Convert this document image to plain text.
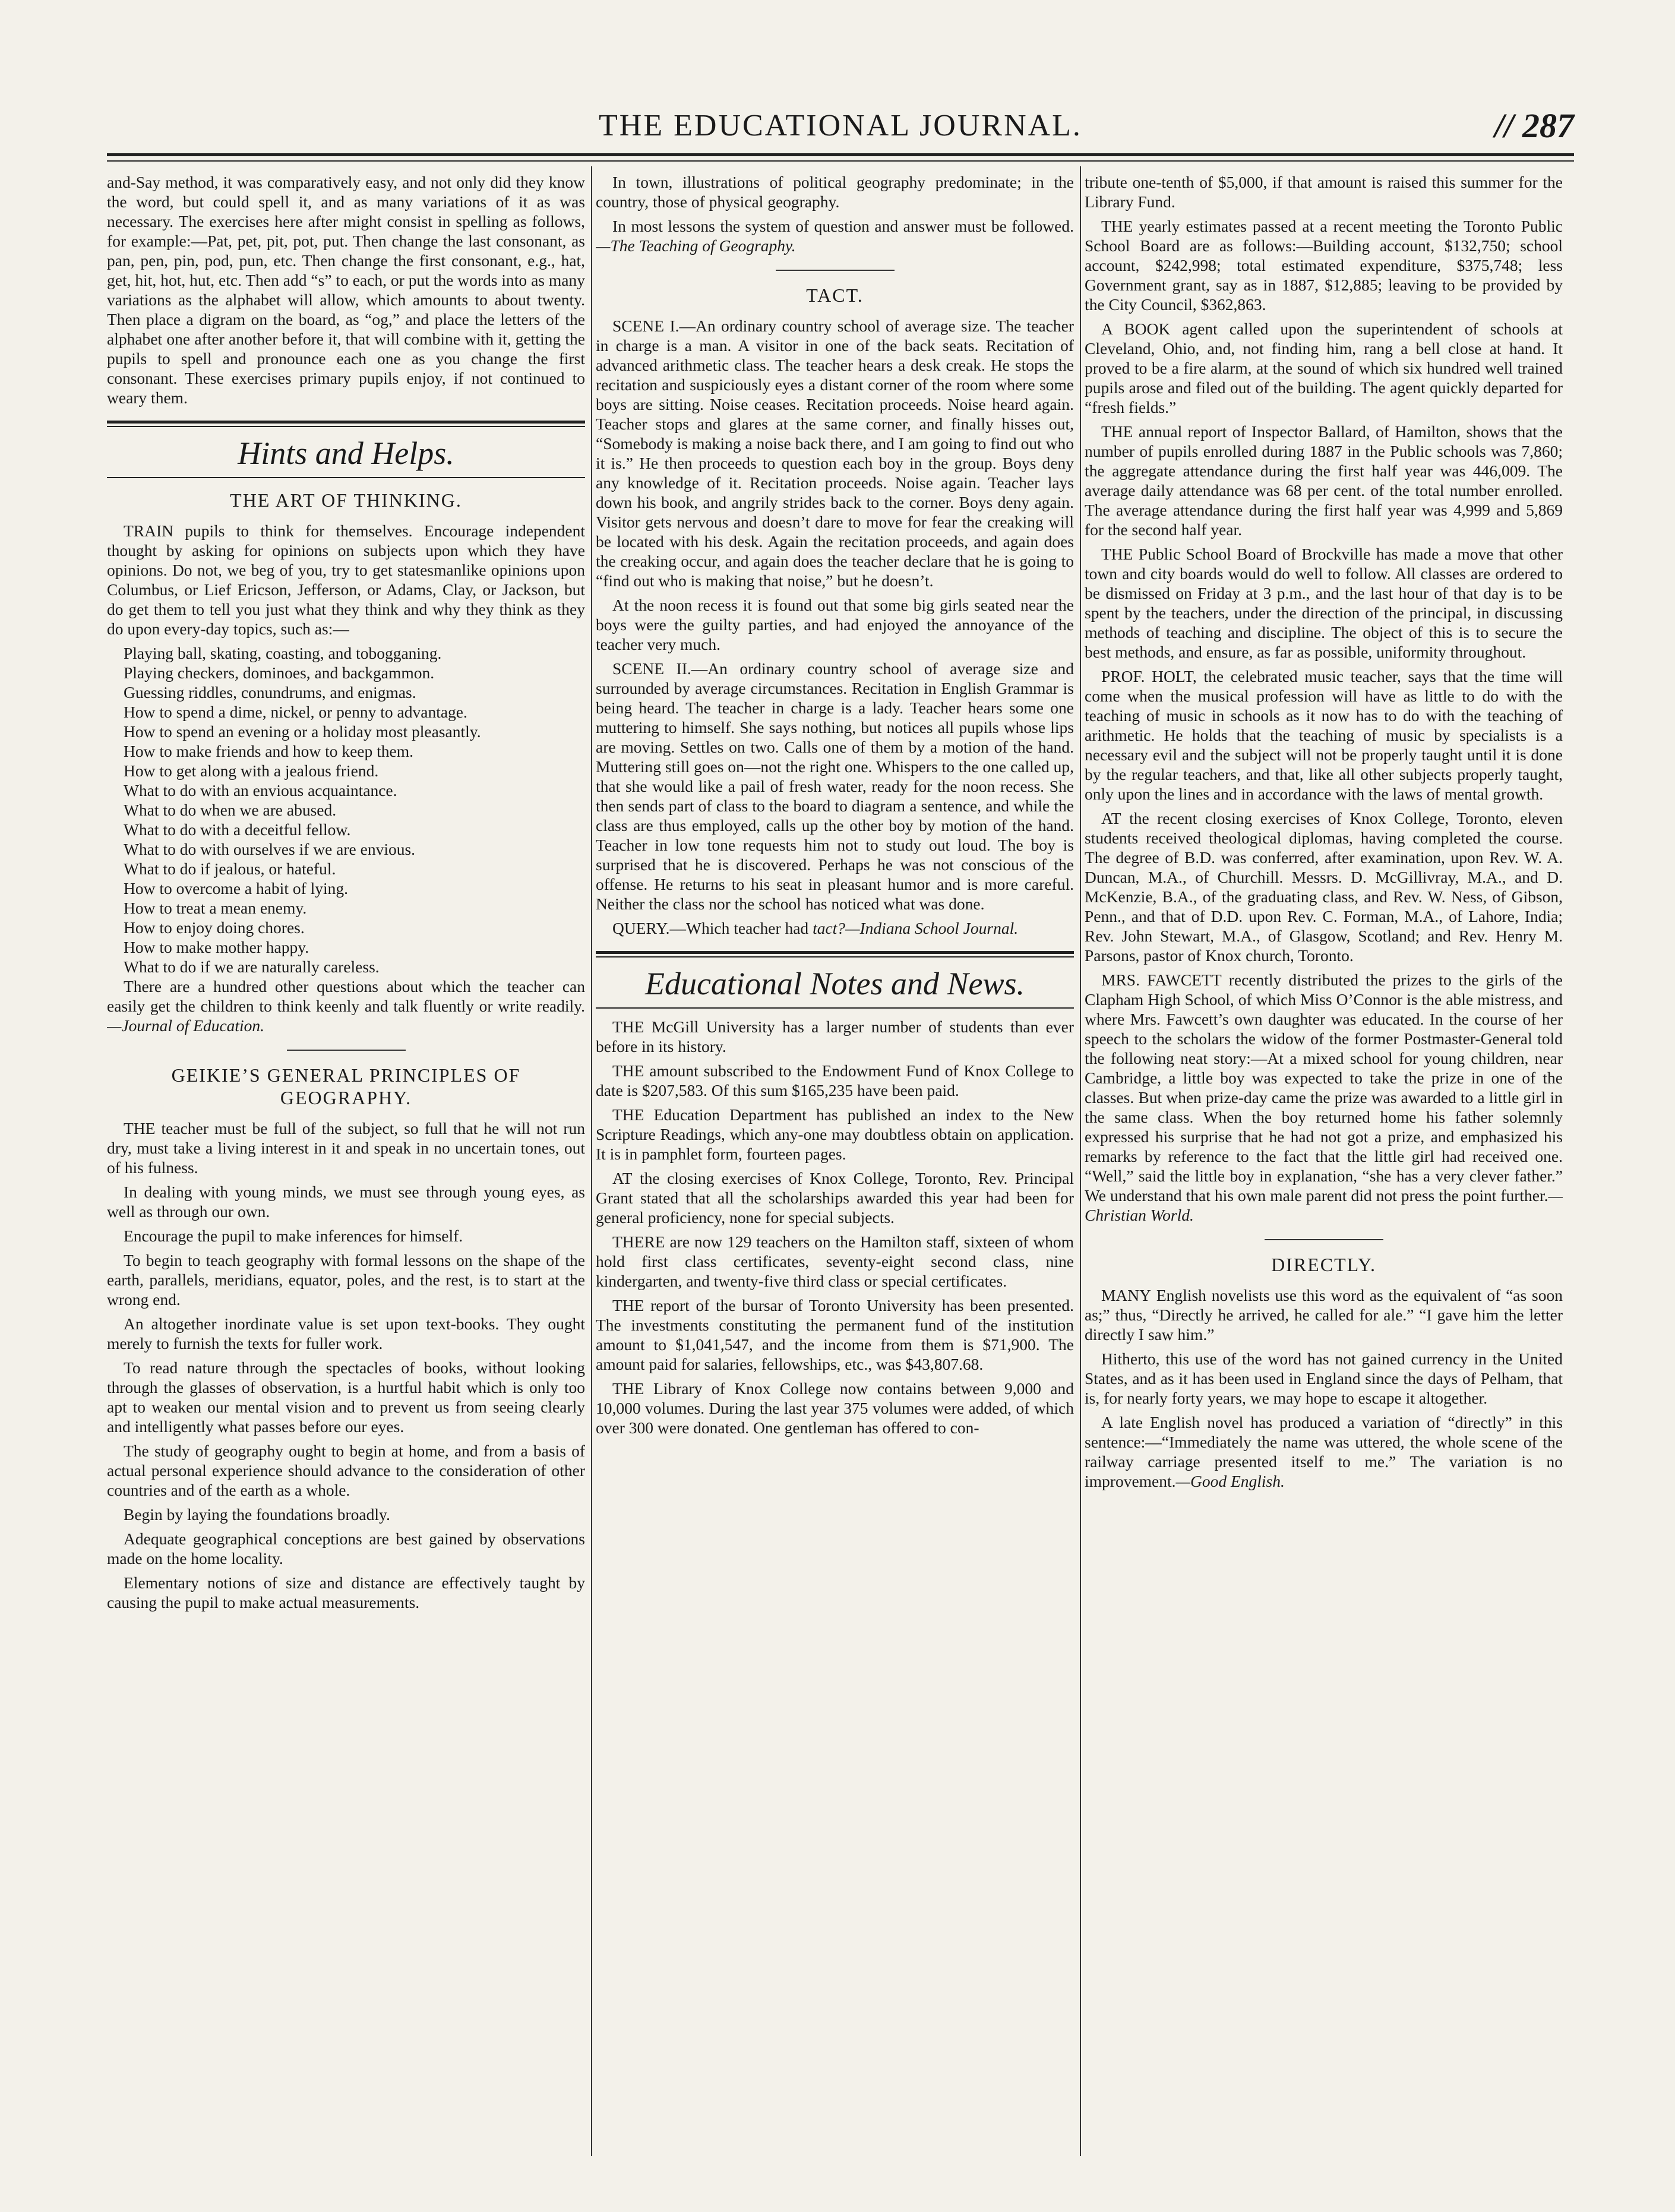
THE EDUCATIONAL JOURNAL.	// 287

and-Say method, it was comparatively easy, and not only did they know the word, but could spell it, and as many variations of it as was necessary. The exercises here after might consist in spelling as follows, for example:—Pat, pet, pit, pot, put. Then change the last consonant, as pan, pen, pin, pod, pun, etc. Then change the first consonant, e.g., hat, get, hit, hot, hut, etc. Then add “s” to each, or put the words into as many variations as the alphabet will allow, which amounts to about twenty. Then place a digram on the board, as “og,” and place the letters of the alphabet one after another before it, that will combine with it, getting the pupils to spell and pronounce each one as you change the first consonant. These exercises primary pupils enjoy, if not continued to weary them.

Hints and Helps.
THE ART OF THINKING.

TRAIN pupils to think for themselves. Encourage independent thought by asking for opinions on subjects upon which they have opinions. Do not, we beg of you, try to get statesmanlike opinions upon Columbus, or Lief Ericson, Jefferson, or Adams, Clay, or Jackson, but do get them to tell you just what they think and why they think as they do upon every-day topics, such as:—

Playing ball, skating, coasting, and tobogganing.

Playing checkers, dominoes, and backgammon.

Guessing riddles, conundrums, and enigmas.

How to spend a dime, nickel, or penny to advantage.

How to spend an evening or a holiday most pleasantly.

How to make friends and how to keep them.

How to get along with a jealous friend.

What to do with an envious acquaintance.

What to do when we are abused.

What to do with a deceitful fellow.

What to do with ourselves if we are envious.

What to do if jealous, or hateful.

How to overcome a habit of lying.

How to treat a mean enemy.

How to enjoy doing chores.

How to make mother happy.

What to do if we are naturally careless.

There are a hundred other questions about which the teacher can easily get the children to think keenly and talk fluently or write readily.—Journal of Education.

GEIKIE’S GENERAL PRINCIPLES OF GEOGRAPHY.

THE teacher must be full of the subject, so full that he will not run dry, must take a living interest in it and speak in no uncertain tones, out of his fulness.

In dealing with young minds, we must see through young eyes, as well as through our own.

Encourage the pupil to make inferences for himself.

To begin to teach geography with formal lessons on the shape of the earth, parallels, meridians, equator, poles, and the rest, is to start at the wrong end.

An altogether inordinate value is set upon text-books. They ought merely to furnish the texts for fuller work.

To read nature through the spectacles of books, without looking through the glasses of observation, is a hurtful habit which is only too apt to weaken our mental vision and to prevent us from seeing clearly and intelligently what passes before our eyes.

The study of geography ought to begin at home, and from a basis of actual personal experience should advance to the consideration of other countries and of the earth as a whole.

Begin by laying the foundations broadly.

Adequate geographical conceptions are best gained by observations made on the home locality.

Elementary notions of size and distance are effectively taught by causing the pupil to make actual measurements.

In town, illustrations of political geography predominate; in the country, those of physical geography.

In most lessons the system of question and answer must be followed.—The Teaching of Geography.

TACT.

SCENE I.—An ordinary country school of average size. The teacher in charge is a man. A visitor in one of the back seats. Recitation of advanced arithmetic class. The teacher hears a desk creak. He stops the recitation and suspiciously eyes a distant corner of the room where some boys are sitting. Noise ceases. Recitation proceeds. Noise heard again. Teacher stops and glares at the same corner, and finally hisses out, “Somebody is making a noise back there, and I am going to find out who it is.” He then proceeds to question each boy in the group. Boys deny any knowledge of it. Recitation proceeds. Noise again. Teacher lays down his book, and angrily strides back to the corner. Boys deny again. Visitor gets nervous and doesn’t dare to move for fear the creaking will be located with his desk. Again the recitation proceeds, and again does the creaking occur, and again does the teacher declare that he is going to “find out who is making that noise,” but he doesn’t.

At the noon recess it is found out that some big girls seated near the boys were the guilty parties, and had enjoyed the annoyance of the teacher very much.

SCENE II.—An ordinary country school of average size and surrounded by average circumstances. Recitation in English Grammar is being heard. The teacher in charge is a lady. Teacher hears some one muttering to himself. She says nothing, but notices all pupils whose lips are moving. Settles on two. Calls one of them by a motion of the hand. Muttering still goes on—not the right one. Whispers to the one called up, that she would like a pail of fresh water, ready for the noon recess. She then sends part of class to the board to diagram a sentence, and while the class are thus employed, calls up the other boy by motion of the hand. Teacher in low tone requests him not to study out loud. The boy is surprised that he is discovered. Perhaps he was not conscious of the offense. He returns to his seat in pleasant humor and is more careful. Neither the class nor the school has noticed what was done.

QUERY.—Which teacher had tact?—Indiana School Journal.

Educational Notes and News.

THE McGill University has a larger number of students than ever before in its history.

THE amount subscribed to the Endowment Fund of Knox College to date is $207,583. Of this sum $165,235 have been paid.

THE Education Department has published an index to the New Scripture Readings, which any-one may doubtless obtain on application. It is in pamphlet form, fourteen pages.

AT the closing exercises of Knox College, Toronto, Rev. Principal Grant stated that all the scholarships awarded this year had been for general proficiency, none for special subjects.

THERE are now 129 teachers on the Hamilton staff, sixteen of whom hold first class certificates, seventy-eight second class, nine kindergarten, and twenty-five third class or special certificates.

THE report of the bursar of Toronto University has been presented. The investments constituting the permanent fund of the institution amount to $1,041,547, and the income from them is $71,900. The amount paid for salaries, fellowships, etc., was $43,807.68.

THE Library of Knox College now contains between 9,000 and 10,000 volumes. During the last year 375 volumes were added, of which over 300 were donated. One gentleman has offered to con-

tribute one-tenth of $5,000, if that amount is raised this summer for the Library Fund.

THE yearly estimates passed at a recent meeting the Toronto Public School Board are as follows:—Building account, $132,750; school account, $242,998; total estimated expenditure, $375,748; less Government grant, say as in 1887, $12,885; leaving to be provided by the City Council, $362,863.

A BOOK agent called upon the superintendent of schools at Cleveland, Ohio, and, not finding him, rang a bell close at hand. It proved to be a fire alarm, at the sound of which six hundred well trained pupils arose and filed out of the building. The agent quickly departed for “fresh fields.”

THE annual report of Inspector Ballard, of Hamilton, shows that the number of pupils enrolled during 1887 in the Public schools was 7,860; the aggregate attendance during the first half year was 446,009. The average daily attendance was 68 per cent. of the total number enrolled. The average attendance during the first half year was 4,999 and 5,869 for the second half year.

THE Public School Board of Brockville has made a move that other town and city boards would do well to follow. All classes are ordered to be dismissed on Friday at 3 p.m., and the last hour of that day is to be spent by the teachers, under the direction of the principal, in discussing methods of teaching and discipline. The object of this is to secure the best methods, and ensure, as far as possible, uniformity throughout.

PROF. HOLT, the celebrated music teacher, says that the time will come when the musical profession will have as little to do with the teaching of music in schools as it now has to do with the teaching of arithmetic. He holds that the teaching of music by specialists is a necessary evil and the subject will not be properly taught until it is done by the regular teachers, and that, like all other subjects properly taught, only upon the lines and in accordance with the laws of mental growth.

AT the recent closing exercises of Knox College, Toronto, eleven students received theological diplomas, having completed the course. The degree of B.D. was conferred, after examination, upon Rev. W. A. Duncan, M.A., of Churchill. Messrs. D. McGillivray, M.A., and D. McKenzie, B.A., of the graduating class, and Rev. W. Ness, of Gibson, Penn., and that of D.D. upon Rev. C. Forman, M.A., of Lahore, India; Rev. John Stewart, M.A., of Glasgow, Scotland; and Rev. Henry M. Parsons, pastor of Knox church, Toronto.

MRS. FAWCETT recently distributed the prizes to the girls of the Clapham High School, of which Miss O’Connor is the able mistress, and where Mrs. Fawcett’s own daughter was educated. In the course of her speech to the scholars the widow of the former Postmaster-General told the following neat story:—At a mixed school for young children, near Cambridge, a little boy was expected to take the prize in one of the classes. But when prize-day came the prize was awarded to a little girl in the same class. When the boy returned home his father solemnly expressed his surprise that he had not got a prize, and emphasized his remarks by reference to the fact that the little girl had received one. “Well,” said the little boy in explanation, “she has a very clever father.” We understand that his own male parent did not press the point further.—Christian World.

DIRECTLY.

MANY English novelists use this word as the equivalent of “as soon as;” thus, “Directly he arrived, he called for ale.” “I gave him the letter directly I saw him.”

Hitherto, this use of the word has not gained currency in the United States, and as it has been used in England since the days of Pelham, that is, for nearly forty years, we may hope to escape it altogether.

A late English novel has produced a variation of “directly” in this sentence:—“Immediately the name was uttered, the whole scene of the railway carriage presented itself to me.” The variation is no improvement.—Good English.
